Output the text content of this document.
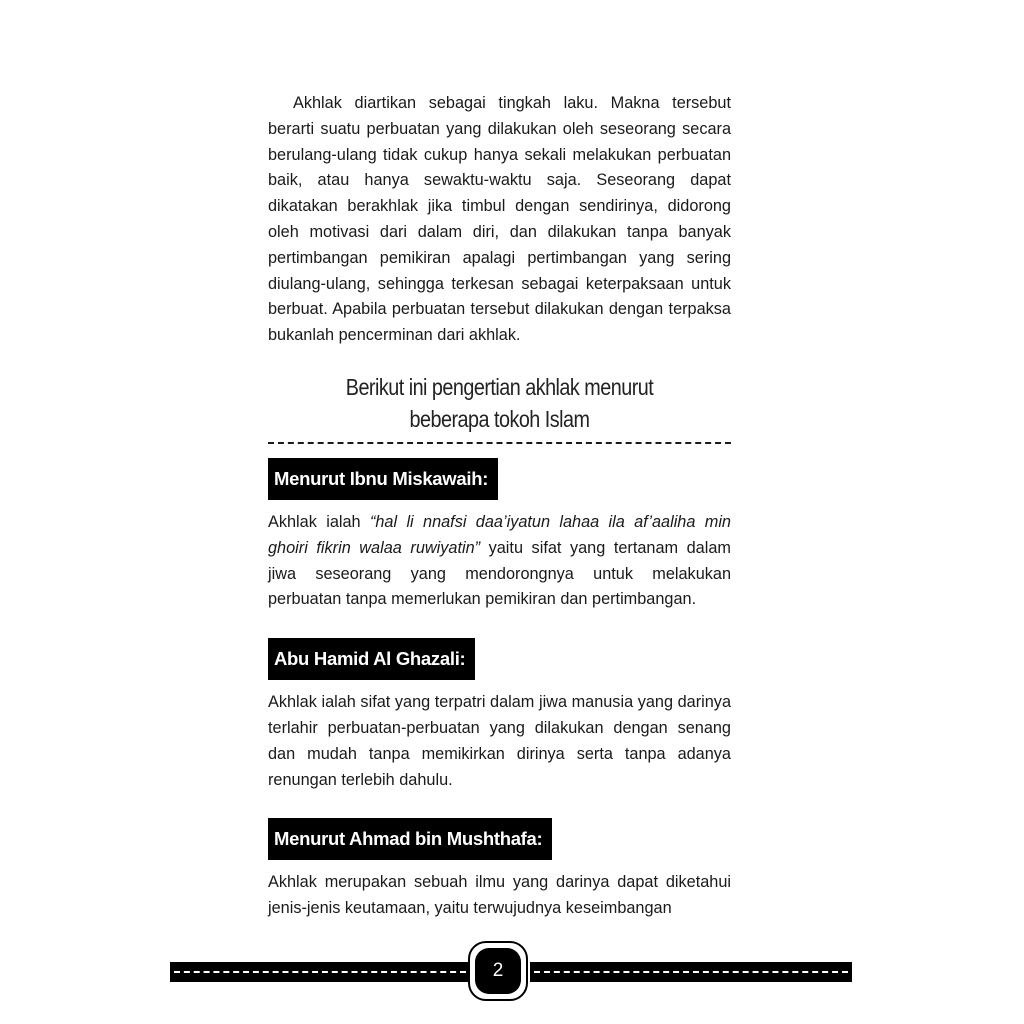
Akhlak diartikan sebagai tingkah laku. Makna tersebut berarti suatu perbuatan yang dilakukan oleh seseorang secara berulang-ulang tidak cukup hanya sekali melakukan perbuatan baik, atau hanya sewaktu-waktu saja. Seseorang dapat dikatakan berakhlak jika timbul dengan sendirinya, didorong oleh motivasi dari dalam diri, dan dilakukan tanpa banyak pertimbangan pemikiran apalagi pertimbangan yang sering diulang-ulang, sehingga terkesan sebagai keterpaksaan untuk berbuat. Apabila perbuatan tersebut dilakukan dengan terpaksa bukanlah pencerminan dari akhlak.

Berikut ini pengertian akhlak menurut
beberapa tokoh Islam
Menurut Ibnu Miskawaih:

Akhlak ialah “hal li nnafsi daa’iyatun lahaa ila af’aaliha min ghoiri fikrin walaa ruwiyatin” yaitu sifat yang tertanam dalam jiwa seseorang yang mendorongnya untuk melakukan perbuatan tanpa memerlukan pemikiran dan pertimbangan.

Abu Hamid Al Ghazali:

Akhlak ialah sifat yang terpatri dalam jiwa manusia yang darinya terlahir perbuatan-perbuatan yang dilakukan dengan senang dan mudah tanpa memikirkan dirinya serta tanpa adanya renungan terlebih dahulu.

Menurut Ahmad bin Mushthafa:

Akhlak merupakan sebuah ilmu yang darinya dapat diketahui jenis-jenis keutamaan, yaitu terwujudnya keseimbangan

2
